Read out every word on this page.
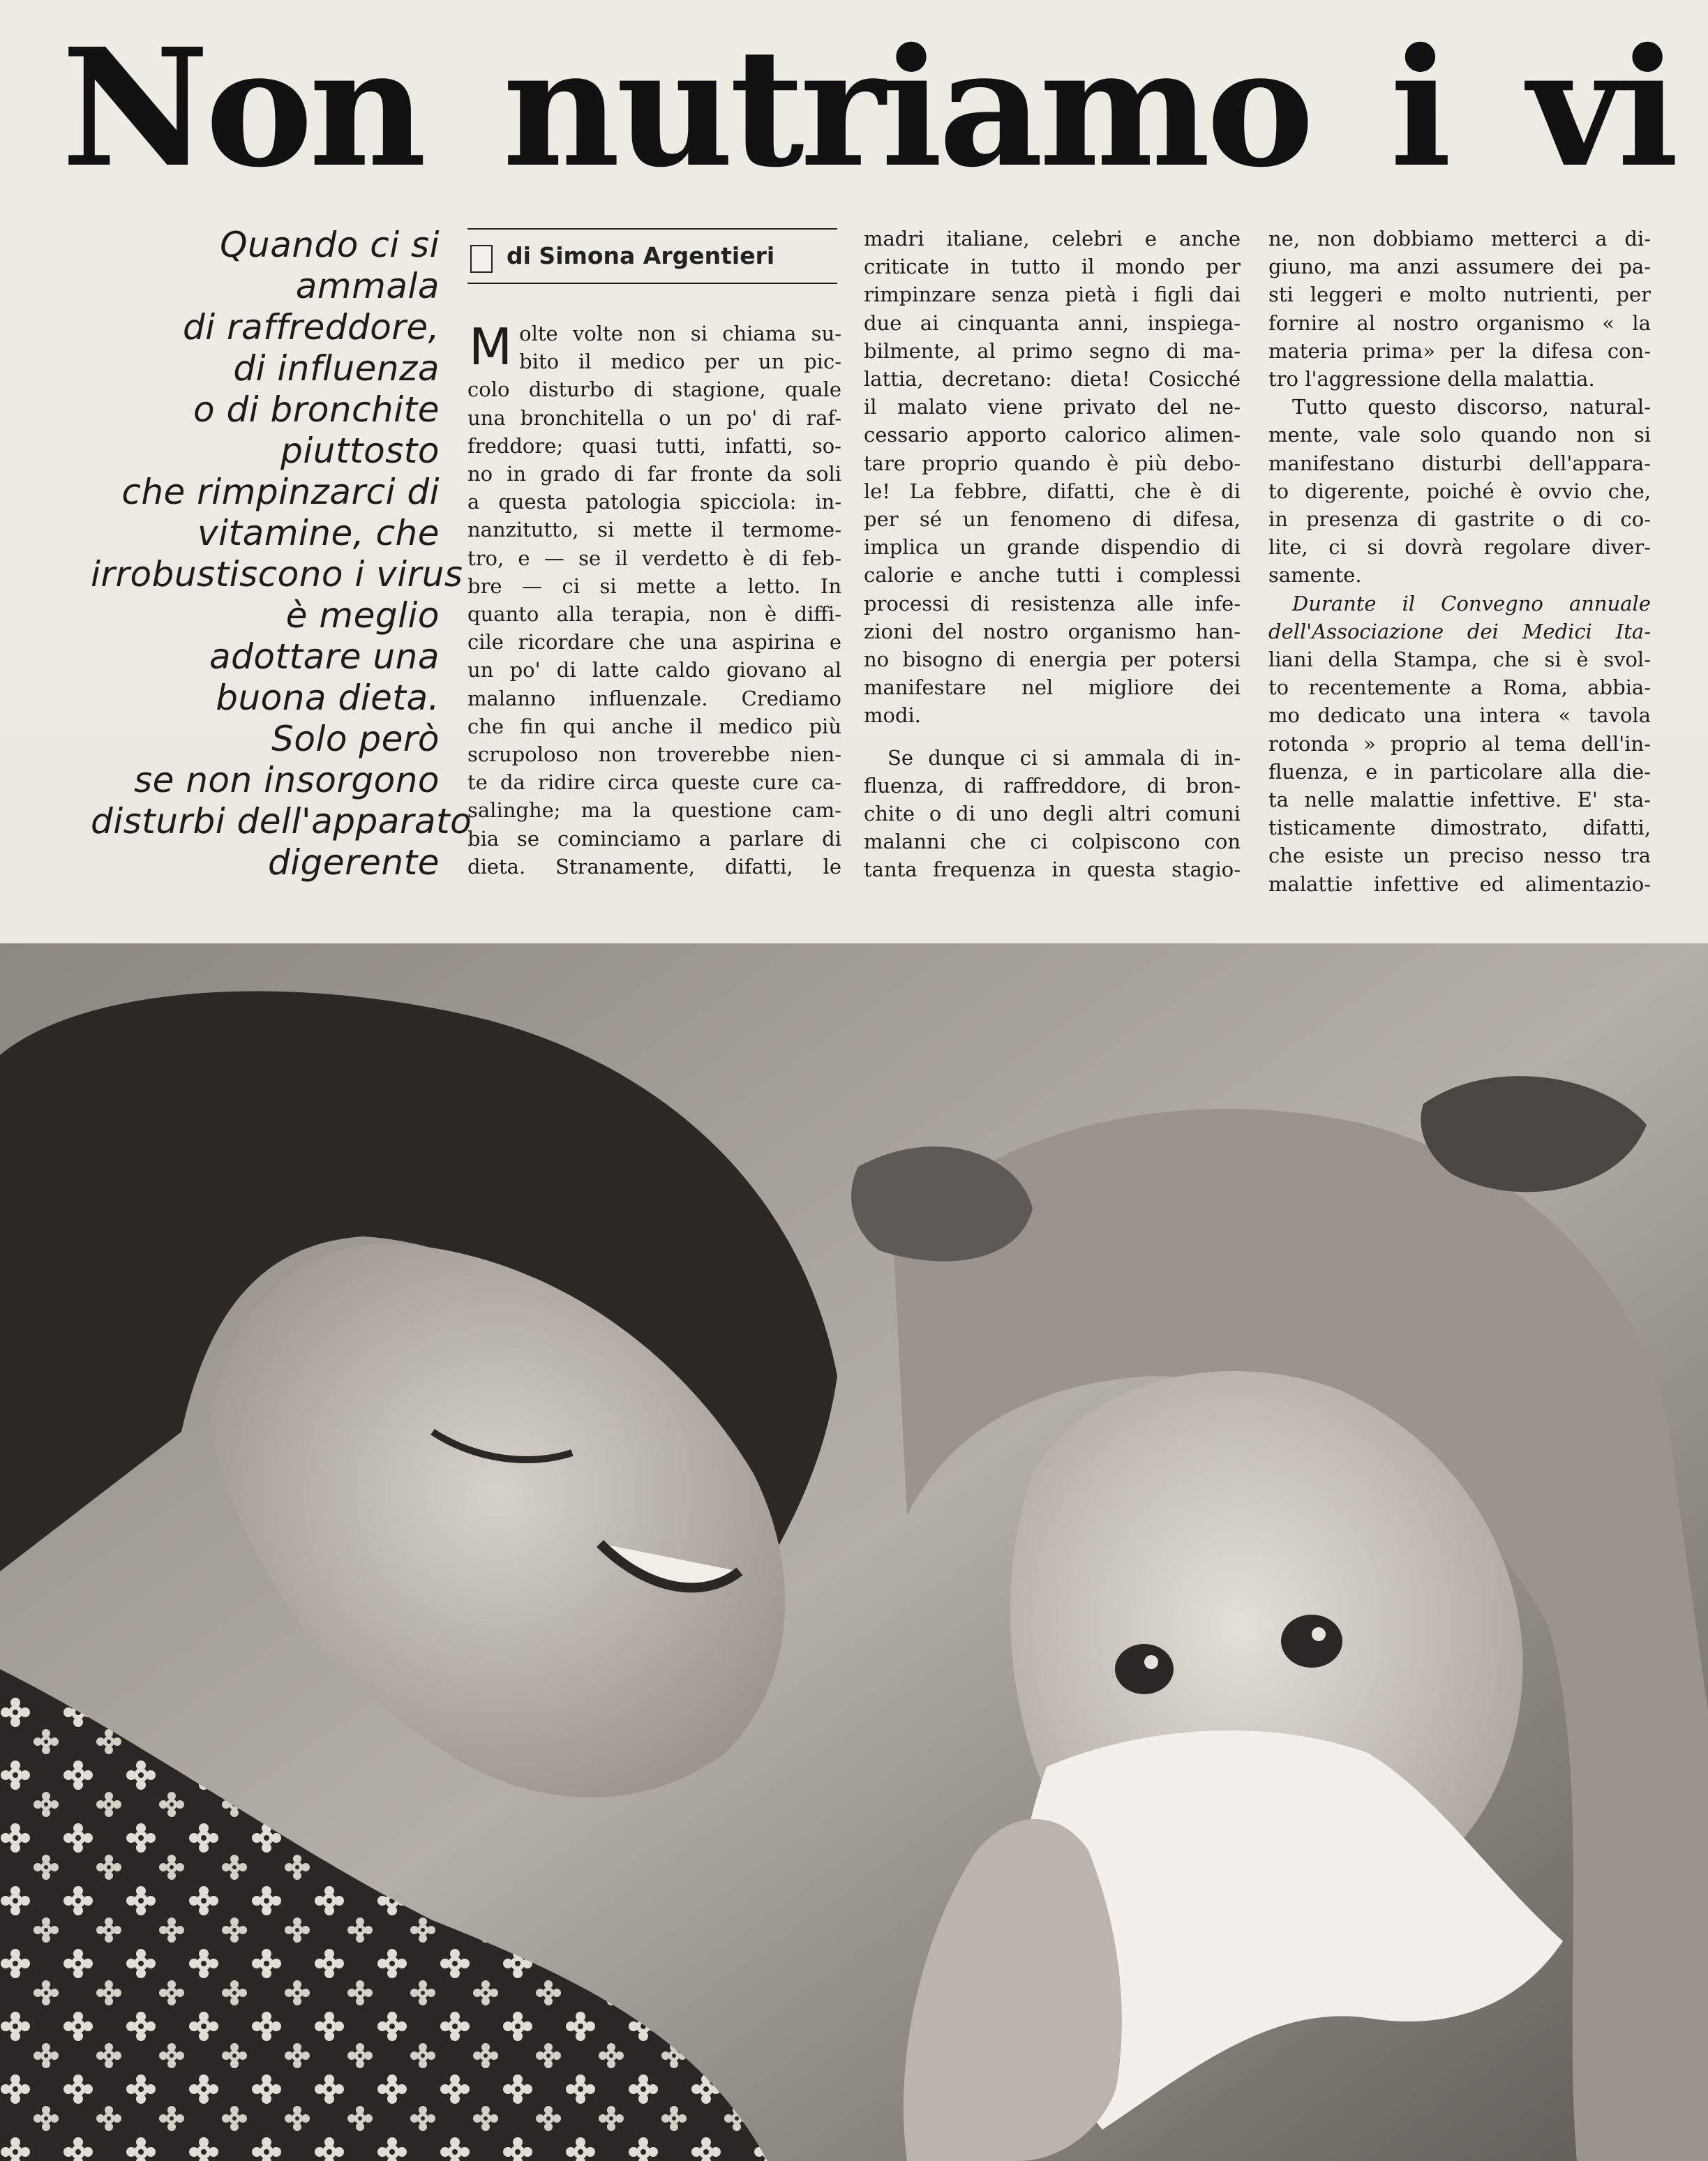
Non nutriamo i vi
Quando ci si
ammala
di raffreddore,
di influenza
o di bronchite
piuttosto
che rimpinzarci di
vitamine, che
irrobustiscono i virus
è meglio
adottare una
buona dieta.
Solo però
se non insorgono
disturbi dell'apparato
digerente
di Simona Argentieri
M olte volte non si chiama su-

bito il medico per un pic-

colo disturbo di stagione, quale

una bronchitella o un po' di raf-

freddore; quasi tutti, infatti, so-

no in grado di far fronte da soli

a questa patologia spicciola: in-

nanzitutto, si mette il termome-

tro, e — se il verdetto è di feb-

bre — ci si mette a letto. In

quanto alla terapia, non è diffi-

cile ricordare che una aspirina e

un po' di latte caldo giovano al

malanno influenzale. Crediamo

che fin qui anche il medico più

scrupoloso non troverebbe nien-

te da ridire circa queste cure ca-

salinghe; ma la questione cam-

bia se cominciamo a parlare di

dieta. Stranamente, difatti, le

madri italiane, celebri e anche

criticate in tutto il mondo per

rimpinzare senza pietà i figli dai

due ai cinquanta anni, inspiega-

bilmente, al primo segno di ma-

lattia, decretano: dieta! Cosicché

il malato viene privato del ne-

cessario apporto calorico alimen-

tare proprio quando è più debo-

le! La febbre, difatti, che è di

per sé un fenomeno di difesa,

implica un grande dispendio di

calorie e anche tutti i complessi

processi di resistenza alle infe-

zioni del nostro organismo han-

no bisogno di energia per potersi

manifestare nel migliore dei

modi.

Se dunque ci si ammala di in-

fluenza, di raffreddore, di bron-

chite o di uno degli altri comuni

malanni che ci colpiscono con

tanta frequenza in questa stagio-

ne, non dobbiamo metterci a di-

giuno, ma anzi assumere dei pa-

sti leggeri e molto nutrienti, per

fornire al nostro organismo « la

materia prima» per la difesa con-

tro l'aggressione della malattia.

Tutto questo discorso, natural-

mente, vale solo quando non si

manifestano disturbi dell'appara-

to digerente, poiché è ovvio che,

in presenza di gastrite o di co-

lite, ci si dovrà regolare diver-

samente.

Durante il Convegno annuale

dell'Associazione dei Medici Ita-

liani della Stampa, che si è svol-

to recentemente a Roma, abbia-

mo dedicato una intera « tavola

rotonda » proprio al tema dell'in-

fluenza, e in particolare alla die-

ta nelle malattie infettive. E' sta-

tisticamente dimostrato, difatti,

che esiste un preciso nesso tra

malattie infettive ed alimentazio-
